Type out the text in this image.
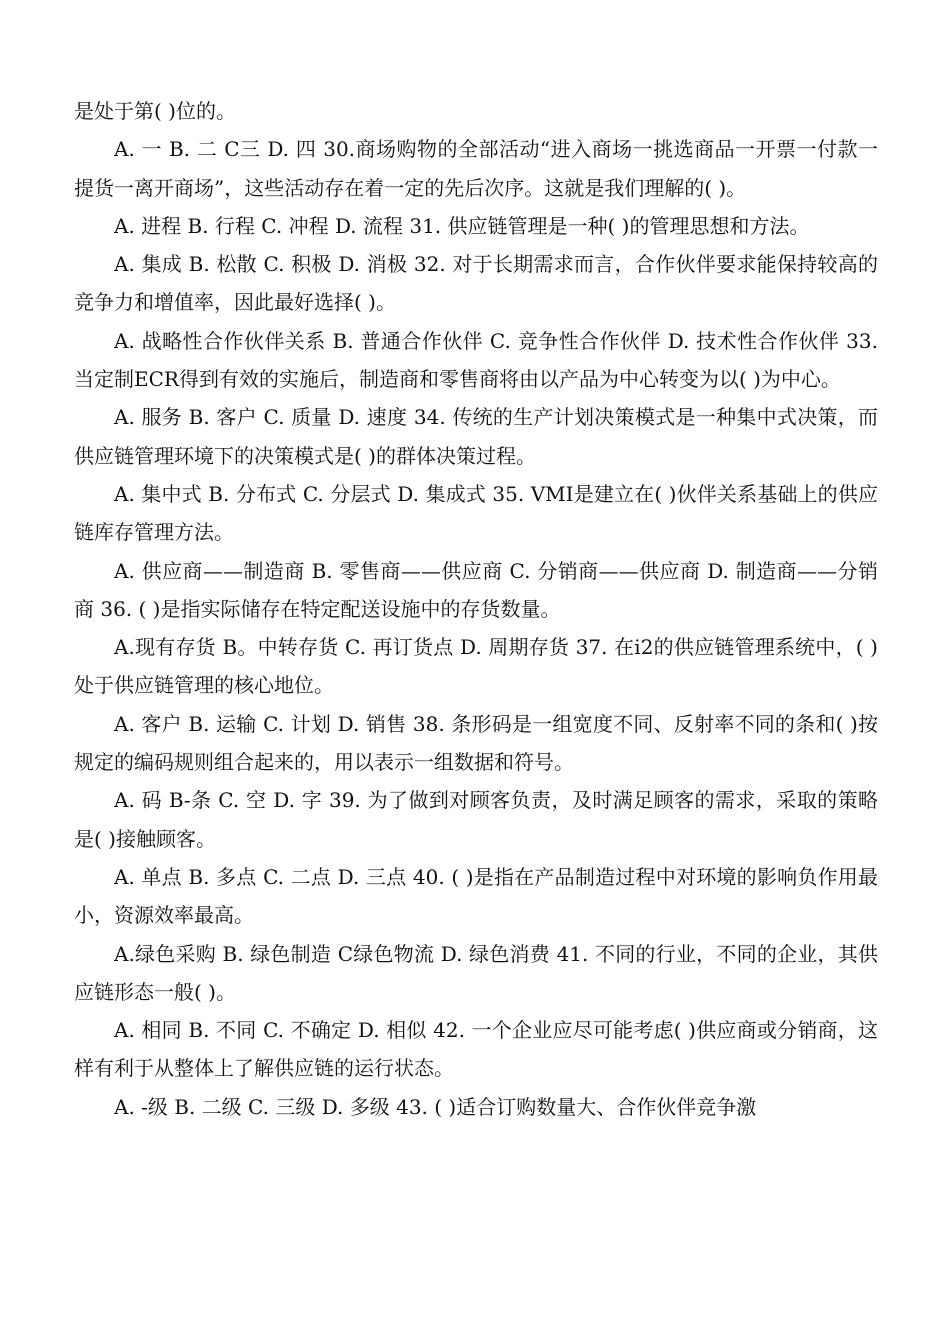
是处于第( )位的。

A. 一 B. 二 C三 D. 四 30.商场购物的全部活动“进入商场一挑选商品一开票一付款一提货一离开商场”，这些活动存在着一定的先后次序。这就是我们理解的( )。

A. 进程 B. 行程 C. 冲程 D. 流程 31. 供应链管理是一种( )的管理思想和方法。

A. 集成 B. 松散 C. 积极 D. 消极 32. 对于长期需求而言，合作伙伴要求能保持较高的竞争力和增值率，因此最好选择( )。

A. 战略性合作伙伴关系 B. 普通合作伙伴 C. 竞争性合作伙伴 D. 技术性合作伙伴 33. 当定制ECR得到有效的实施后，制造商和零售商将由以产品为中心转变为以( )为中心。

A. 服务 B. 客户 C. 质量 D. 速度 34. 传统的生产计划决策模式是一种集中式决策，而供应链管理环境下的决策模式是( )的群体决策过程。

A. 集中式 B. 分布式 C. 分层式 D. 集成式 35. VMI是建立在( )伙伴关系基础上的供应链库存管理方法。

A. 供应商——制造商 B. 零售商——供应商 C. 分销商——供应商 D. 制造商——分销商 36. ( )是指实际储存在特定配送设施中的存货数量。

A.现有存货 B。中转存货 C. 再订货点 D. 周期存货 37. 在i2的供应链管理系统中，( )处于供应链管理的核心地位。

A. 客户 B. 运输 C. 计划 D. 销售 38. 条形码是一组宽度不同、反射率不同的条和( )按规定的编码规则组合起来的，用以表示一组数据和符号。

A. 码 B-条 C. 空 D. 字 39. 为了做到对顾客负责，及时满足顾客的需求，采取的策略是( )接触顾客。

A. 单点 B. 多点 C. 二点 D. 三点 40. ( )是指在产品制造过程中对环境的影响负作用最小，资源效率最高。

A.绿色采购 B. 绿色制造 C绿色物流 D. 绿色消费 41. 不同的行业，不同的企业，其供应链形态一般( )。

A. 相同 B. 不同 C. 不确定 D. 相似 42. 一个企业应尽可能考虑( )供应商或分销商，这样有利于从整体上了解供应链的运行状态。

A. -级 B. 二级 C. 三级 D. 多级 43. ( )适合订购数量大、合作伙伴竞争激
